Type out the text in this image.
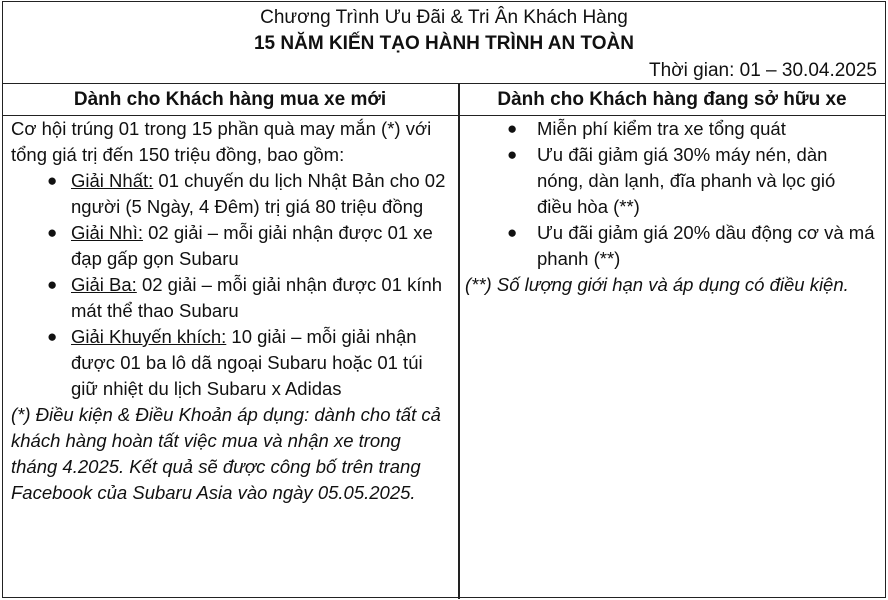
Chương Trình Ưu Đãi & Tri Ân Khách Hàng
15 NĂM KIẾN TẠO HÀNH TRÌNH AN TOÀN
Thời gian: 01 – 30.04.2025
Dành cho Khách hàng mua xe mới	Dành cho Khách hàng đang sở hữu xe

Cơ hội trúng 01 trong 15 phần quà may mắn (*) với tổng giá trị đến 150 triệu đồng, bao gồm:

● Giải Nhất: 01 chuyến du lịch Nhật Bản cho 02 người (5 Ngày, 4 Đêm) trị giá 80 triệu đồng
● Giải Nhì: 02 giải – mỗi giải nhận được 01 xe đạp gấp gọn Subaru
● Giải Ba: 02 giải – mỗi giải nhận được 01 kính mát thể thao Subaru
● Giải Khuyến khích: 10 giải – mỗi giải nhận được 01 ba lô dã ngoại Subaru hoặc 01 túi giữ nhiệt du lịch Subaru x Adidas

(*) Điều kiện & Điều Khoản áp dụng: dành cho tất cả khách hàng hoàn tất việc mua và nhận xe trong tháng 4.2025. Kết quả sẽ được công bố trên trang Facebook của Subaru Asia vào ngày 05.05.2025.

● Miễn phí kiểm tra xe tổng quát
● Ưu đãi giảm giá 30% máy nén, dàn nóng, dàn lạnh, đĩa phanh và lọc gió điều hòa (**)
● Ưu đãi giảm giá 20% dầu động cơ và má phanh (**)

(**) Số lượng giới hạn và áp dụng có điều kiện.
